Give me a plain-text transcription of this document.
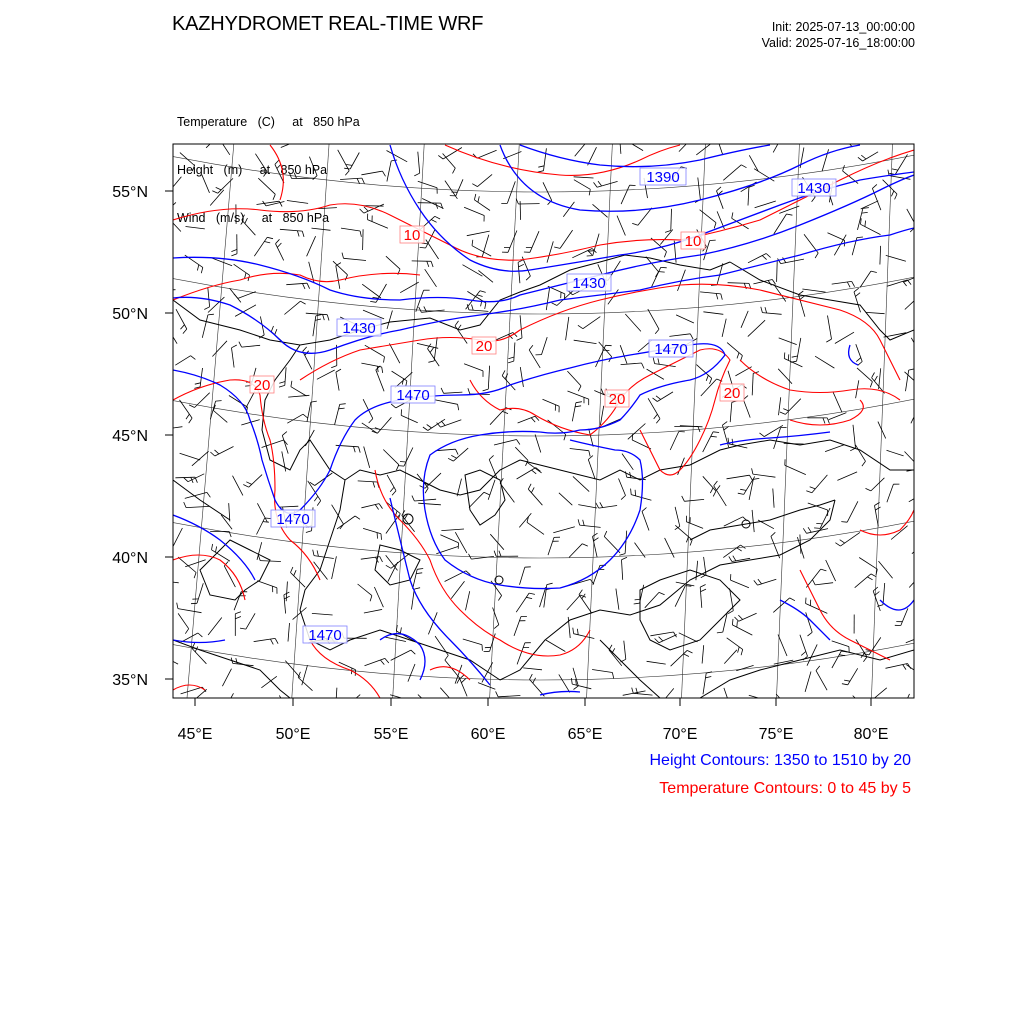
KAZHYDROMET REAL-TIME WRF	Init: 2025-07-13_00:00:00
Valid: 2025-07-16_18:00:00

Temperature   (C)     at   850 hPa

Height   (m)     at   850 hPa

Wind   (m/s)     at   850 hPa

55°N
50°N
45°N
40°N
35°N
45°E	50°E	55°E	60°E	65°E	70°E	75°E	80°E
1390
1430
1430
1430
1470
1470
1470
1470
10	10
20
20
20	20
Height Contours: 1350 to 1510 by 20
Temperature Contours: 0 to 45 by 5
